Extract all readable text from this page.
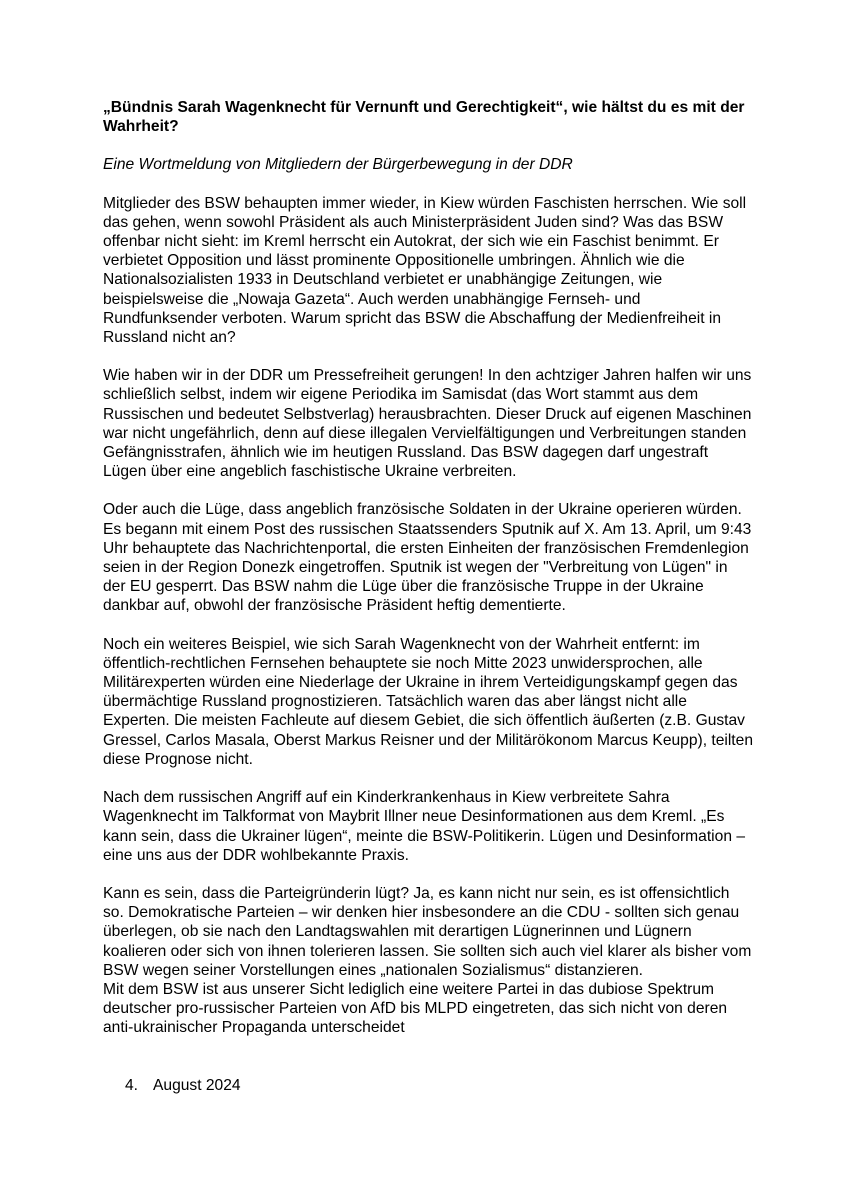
„Bündnis Sarah Wagenknecht für Vernunft und Gerechtigkeit“, wie hältst du es mit der Wahrheit?

Eine Wortmeldung von Mitgliedern der Bürgerbewegung in der DDR

Mitglieder des BSW behaupten immer wieder, in Kiew würden Faschisten herrschen. Wie soll das gehen, wenn sowohl Präsident als auch Ministerpräsident Juden sind? Was das BSW offenbar nicht sieht: im Kreml herrscht ein Autokrat, der sich wie ein Faschist benimmt. Er verbietet Opposition und lässt prominente Oppositionelle umbringen. Ähnlich wie die Nationalsozialisten 1933 in Deutschland verbietet er unabhängige Zeitungen, wie beispielsweise die „Nowaja Gazeta“. Auch werden unabhängige Fernseh- und Rundfunksender verboten. Warum spricht das BSW die Abschaffung der Medienfreiheit in Russland nicht an?

Wie haben wir in der DDR um Pressefreiheit gerungen! In den achtziger Jahren halfen wir uns schließlich selbst, indem wir eigene Periodika im Samisdat (das Wort stammt aus dem Russischen und bedeutet Selbstverlag) herausbrachten. Dieser Druck auf eigenen Maschinen war nicht ungefährlich, denn auf diese illegalen Vervielfältigungen und Verbreitungen standen Gefängnisstrafen, ähnlich wie im heutigen Russland. Das BSW dagegen darf ungestraft Lügen über eine angeblich faschistische Ukraine verbreiten.

Oder auch die Lüge, dass angeblich französische Soldaten in der Ukraine operieren würden. Es begann mit einem Post des russischen Staatssenders Sputnik auf X. Am 13. April, um 9:43 Uhr behauptete das Nachrichtenportal, die ersten Einheiten der französischen Fremdenlegion seien in der Region Donezk eingetroffen. Sputnik ist wegen der "Verbreitung von Lügen" in der EU gesperrt. Das BSW nahm die Lüge über die französische Truppe in der Ukraine dankbar auf, obwohl der französische Präsident heftig dementierte.

Noch ein weiteres Beispiel, wie sich Sarah Wagenknecht von der Wahrheit entfernt: im öffentlich-rechtlichen Fernsehen behauptete sie noch Mitte 2023 unwidersprochen, alle Militärexperten würden eine Niederlage der Ukraine in ihrem Verteidigungskampf gegen das übermächtige Russland prognostizieren. Tatsächlich waren das aber längst nicht alle Experten. Die meisten Fachleute auf diesem Gebiet, die sich öffentlich äußerten (z.B. Gustav Gressel, Carlos Masala, Oberst Markus Reisner und der Militärökonom Marcus Keupp), teilten diese Prognose nicht.

Nach dem russischen Angriff auf ein Kinderkrankenhaus in Kiew verbreitete Sahra Wagenknecht im Talkformat von Maybrit Illner neue Desinformationen aus dem Kreml. „Es kann sein, dass die Ukrainer lügen“, meinte die BSW-Politikerin. Lügen und Desinformation – eine uns aus der DDR wohlbekannte Praxis.

Kann es sein, dass die Parteigründerin lügt? Ja, es kann nicht nur sein, es ist offensichtlich so. Demokratische Parteien – wir denken hier insbesondere an die CDU - sollten sich genau überlegen, ob sie nach den Landtagswahlen mit derartigen Lügnerinnen und Lügnern koalieren oder sich von ihnen tolerieren lassen. Sie sollten sich auch viel klarer als bisher vom BSW wegen seiner Vorstellungen eines „nationalen Sozialismus“ distanzieren.

Mit dem BSW ist aus unserer Sicht lediglich eine weitere Partei in das dubiose Spektrum deutscher pro-russischer Parteien von AfD bis MLPD eingetreten, das sich nicht von deren anti-ukrainischer Propaganda unterscheidet

4. August 2024
